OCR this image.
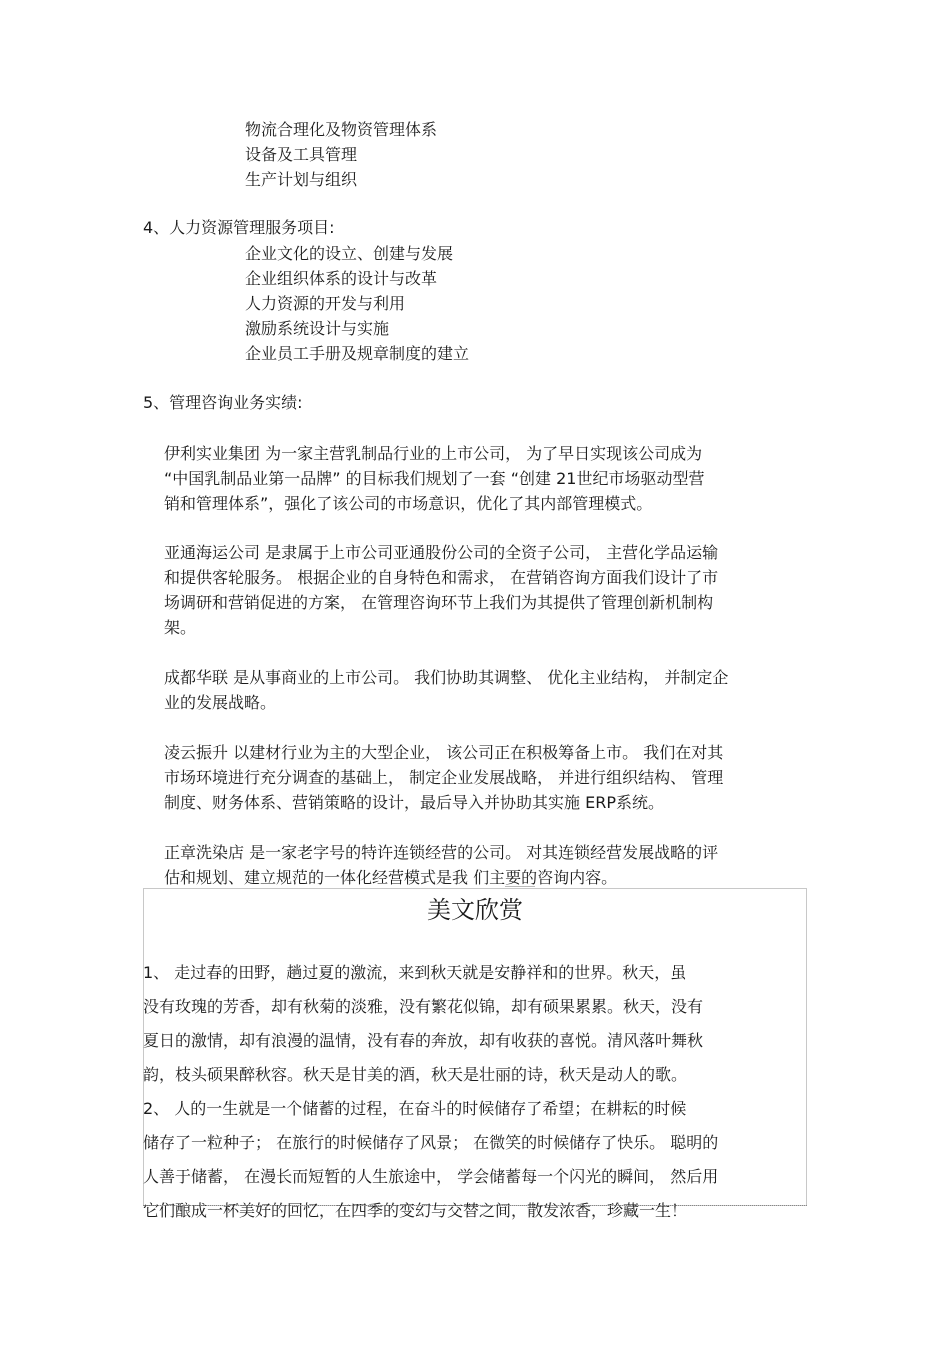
物流合理化及物资管理体系
设备及工具管理
生产计划与组织
4、人力资源管理服务项目:
企业文化的设立、创建与发展
企业组织体系的设计与改革
人力资源的开发与利用
激励系统设计与实施
企业员工手册及规章制度的建立
5、管理咨询业务实绩:
伊利实业集团 为一家主营乳制品行业的上市公司， 为了早日实现该公司成为
“中国乳制品业第一品牌” 的目标我们规划了一套 “创建 21世纪市场驱动型营
销和管理体系”，强化了该公司的市场意识，优化了其内部管理模式。
亚通海运公司 是隶属于上市公司亚通股份公司的全资子公司， 主营化学品运输
和提供客轮服务。 根据企业的自身特色和需求， 在营销咨询方面我们设计了市
场调研和营销促进的方案， 在管理咨询环节上我们为其提供了管理创新机制构
架。
成都华联 是从事商业的上市公司。 我们协助其调整、 优化主业结构， 并制定企
业的发展战略。
凌云振升 以建材行业为主的大型企业， 该公司正在积极筹备上市。 我们在对其
市场环境进行充分调查的基础上， 制定企业发展战略， 并进行组织结构、 管理
制度、财务体系、营销策略的设计，最后导入并协助其实施 ERP系统。
正章洗染店 是一家老字号的特许连锁经营的公司。 对其连锁经营发展战略的评
估和规划、建立规范的一体化经营模式是我 们主要的咨询内容。
美文欣赏
1、 走过春的田野，趟过夏的激流，来到秋天就是安静祥和的世界。秋天，虽
没有玫瑰的芳香，却有秋菊的淡雅，没有繁花似锦，却有硕果累累。秋天，没有
夏日的激情，却有浪漫的温情，没有春的奔放，却有收获的喜悦。清风落叶舞秋
韵，枝头硕果醉秋容。秋天是甘美的酒，秋天是壮丽的诗，秋天是动人的歌。
2、 人的一生就是一个储蓄的过程，在奋斗的时候储存了希望；在耕耘的时候
储存了一粒种子； 在旅行的时候储存了风景； 在微笑的时候储存了快乐。 聪明的
人善于储蓄， 在漫长而短暂的人生旅途中， 学会储蓄每一个闪光的瞬间， 然后用
它们酿成一杯美好的回忆，在四季的变幻与交替之间，散发浓香，珍藏一生！
